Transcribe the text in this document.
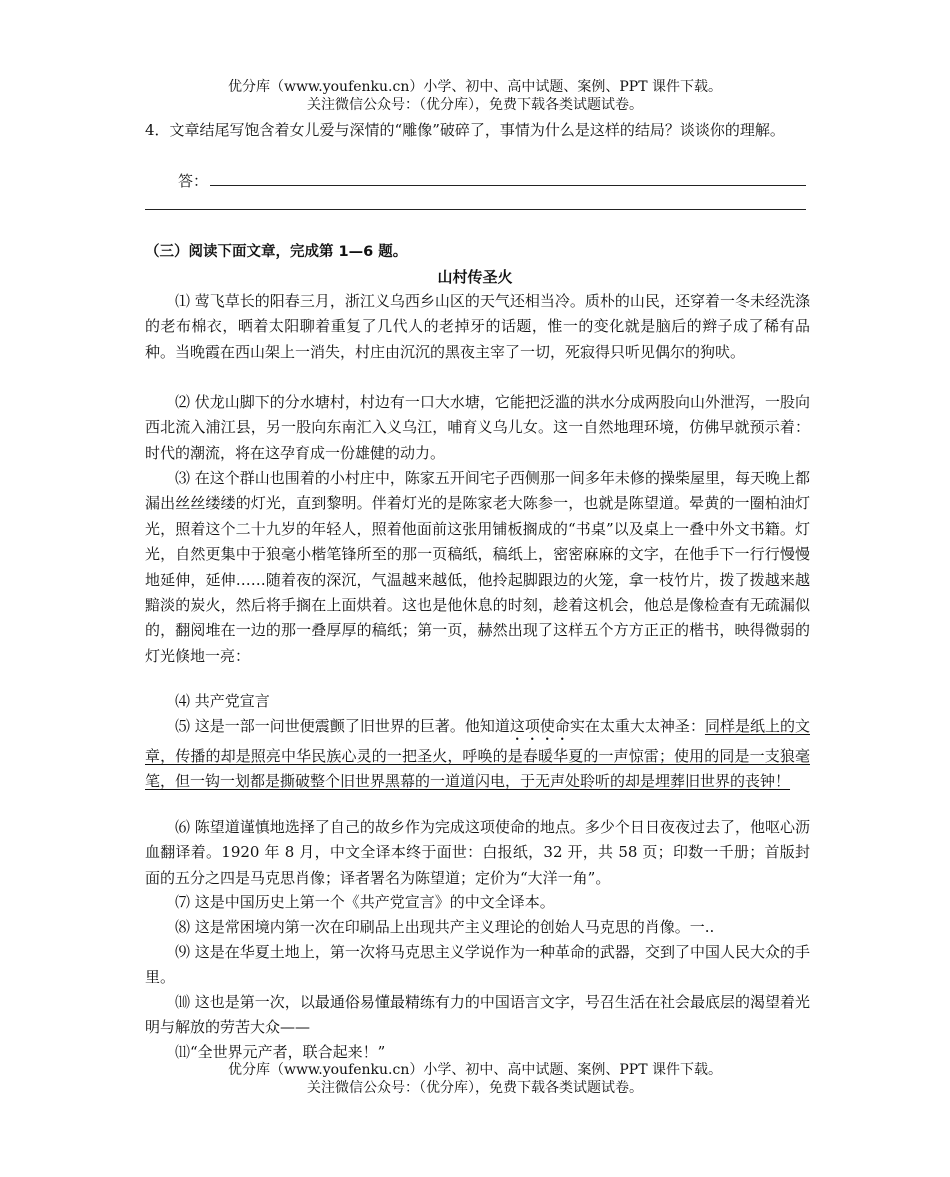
优分库（www.youfenku.cn）小学、初中、高中试题、案例、PPT 课件下载。
关注微信公众号：（优分库），免费下载各类试题试卷。
4．文章结尾写饱含着女儿爱与深情的“雕像”破碎了，事情为什么是这样的结局？谈谈你的理解。
答：
（三）阅读下面文章，完成第 1—6 题。
山村传圣火

⑴ 莺飞草长的阳春三月，浙江义乌西乡山区的天气还相当冷。质朴的山民，还穿着一冬未经洗涤的老布棉衣，晒着太阳聊着重复了几代人的老掉牙的话题，惟一的变化就是脑后的辫子成了稀有品种。当晚霞在西山架上一消失，村庄由沉沉的黑夜主宰了一切，死寂得只听见偶尔的狗吠。

⑵ 伏龙山脚下的分水塘村，村边有一口大水塘，它能把泛滥的洪水分成两股向山外泄泻，一股向西北流入浦江县，另一股向东南汇入义乌江，哺育义乌儿女。这一自然地理环境，仿佛早就预示着：时代的潮流，将在这孕育成一份雄健的动力。

⑶ 在这个群山也围着的小村庄中，陈家五开间宅子西侧那一间多年未修的操柴屋里，每天晚上都漏出丝丝缕缕的灯光，直到黎明。伴着灯光的是陈家老大陈参一，也就是陈望道。晕黄的一圈柏油灯光，照着这个二十九岁的年轻人，照着他面前这张用铺板搁成的“书桌”以及桌上一叠中外文书籍。灯光，自然更集中于狼毫小楷笔锋所至的那一页稿纸，稿纸上，密密麻麻的文字，在他手下一行行慢慢地延伸，延伸……随着夜的深沉，气温越来越低，他拎起脚跟边的火笼，拿一枝竹片，拨了拨越来越黯淡的炭火，然后将手搁在上面烘着。这也是他休息的时刻，趁着这机会，他总是像检查有无疏漏似的，翻阅堆在一边的那一叠厚厚的稿纸；第一页，赫然出现了这样五个方方正正的楷书，映得微弱的灯光倏地一亮：

⑷ 共产党宣言

⑸ 这是一部一问世便震颤了旧世界的巨著。他知道这项使命实在太重大太神圣：同样是纸上的文章，传播的却是照亮中华民族心灵的一把圣火，呼唤的是春暖华夏的一声惊雷；使用的同是一支狼毫笔，但一钩一划都是撕破整个旧世界黑幕的一道道闪电，于无声处聆听的却是埋葬旧世界的丧钟！

⑹ 陈望道谨慎地选择了自己的故乡作为完成这项使命的地点。多少个日日夜夜过去了，他呕心沥血翻译着。1920 年 8 月，中文全译本终于面世：白报纸，32 开，共 58 页；印数一千册；首版封面的五分之四是马克思肖像；译者署名为陈望道；定价为“大洋一角”。

⑺ 这是中国历史上第一个《共产党宣言》的中文全译本。

⑻ 这是常困境内第一次在印刷品上出现共产主义理论的创始人马克思的肖像。一..

⑼ 这是在华夏土地上，第一次将马克思主义学说作为一种革命的武器，交到了中国人民大众的手里。

⑽ 这也是第一次，以最通俗易懂最精练有力的中国语言文字，号召生活在社会最底层的渴望着光明与解放的劳苦大众——

⑾“全世界元产者，联合起来！”

优分库（www.youfenku.cn）小学、初中、高中试题、案例、PPT 课件下载。
关注微信公众号：（优分库），免费下载各类试题试卷。
